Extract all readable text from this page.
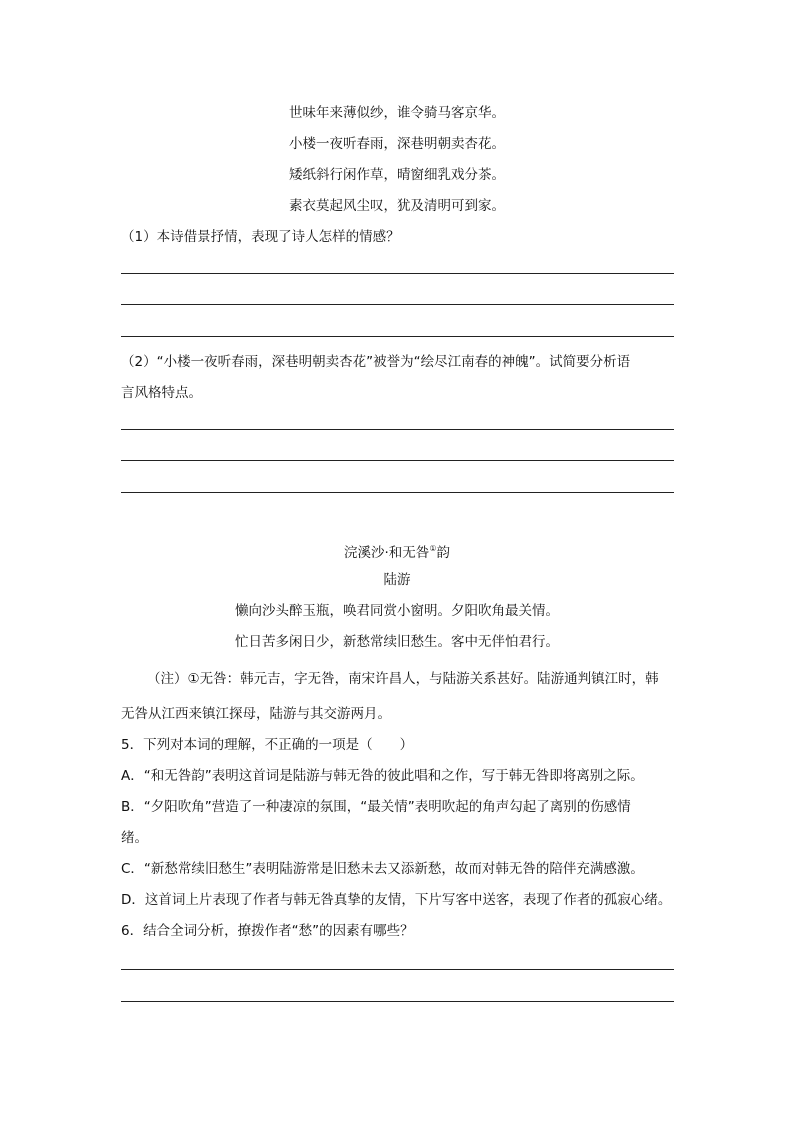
世味年来薄似纱，谁令骑马客京华。
小楼一夜听春雨，深巷明朝卖杏花。
矮纸斜行闲作草，晴窗细乳戏分茶。
素衣莫起风尘叹，犹及清明可到家。
（1）本诗借景抒情，表现了诗人怎样的情感？
（2）“小楼一夜听春雨，深巷明朝卖杏花”被誉为“绘尽江南春的神魄”。试简要分析语
言风格特点。
浣溪沙·和无咎①韵
陆游
懒向沙头醉玉瓶，唤君同赏小窗明。夕阳吹角最关情。
忙日苦多闲日少，新愁常续旧愁生。客中无伴怕君行。
（注）①无咎：韩元吉，字无咎，南宋许昌人，与陆游关系甚好。陆游通判镇江时，韩
无咎从江西来镇江探母，陆游与其交游两月。
5．下列对本词的理解，不正确的一项是（　　）
A．“和无咎韵”表明这首词是陆游与韩无咎的彼此唱和之作，写于韩无咎即将离别之际。
B．“夕阳吹角”营造了一种凄凉的氛围，“最关情”表明吹起的角声勾起了离别的伤感情
绪。
C．“新愁常续旧愁生”表明陆游常是旧愁未去又添新愁，故而对韩无咎的陪伴充满感激。
D．这首词上片表现了作者与韩无咎真挚的友情，下片写客中送客，表现了作者的孤寂心绪。
6．结合全词分析，撩拨作者“愁”的因素有哪些？
